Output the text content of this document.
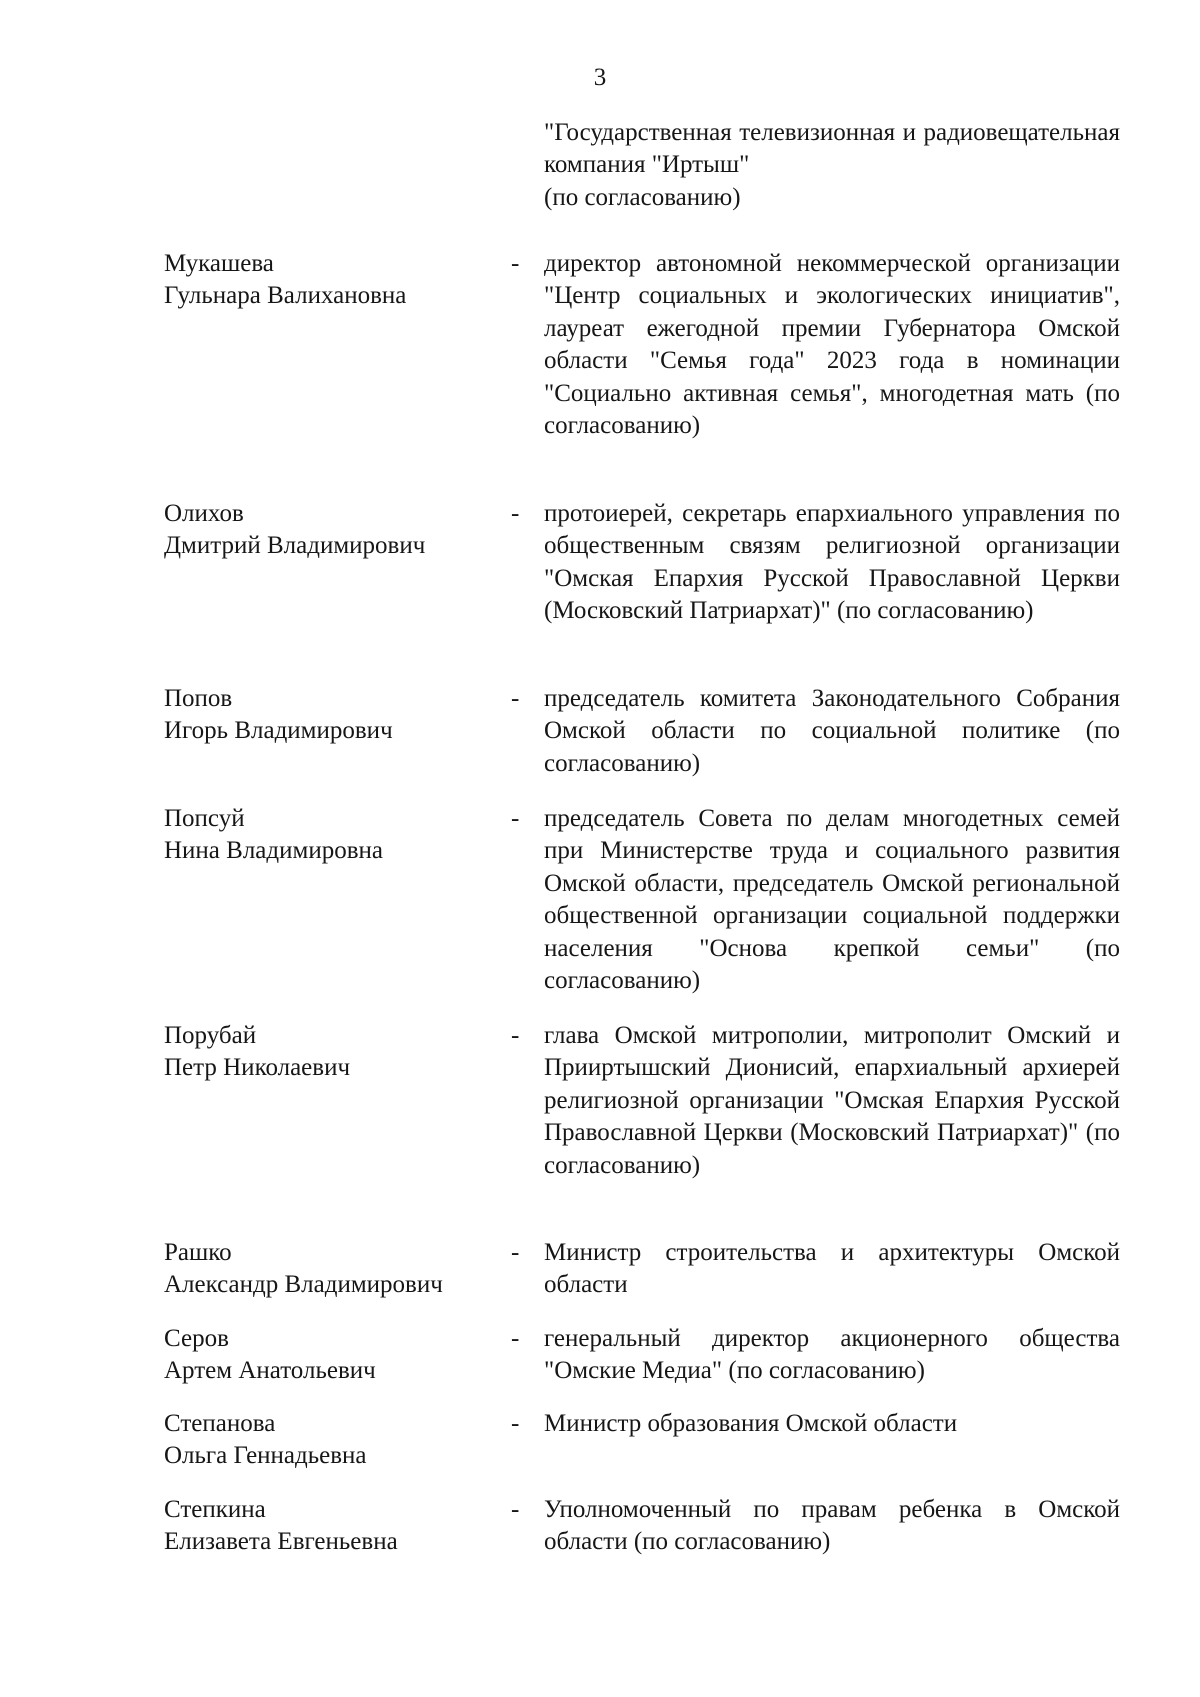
3
"Государственная телевизионная и радиовещательная компания "Иртыш"
(по согласованию)
Мукашева
Гульнара Валихановна
- директор автономной некоммерческой организации "Центр социальных и экологических инициатив", лауреат ежегодной премии Губернатора Омской области "Семья года" 2023 года в номинации "Социально активная семья", многодетная мать (по согласованию)
Олихов
Дмитрий Владимирович
- протоиерей, секретарь епархиального управления по общественным связям религиозной организации "Омская Епархия Русской Православной Церкви (Московский Патриархат)" (по согласованию)
Попов
Игорь Владимирович
- председатель комитета Законодательного Собрания Омской области по социальной политике (по согласованию)
Попсуй
Нина Владимировна
- председатель Совета по делам многодетных семей при Министерстве труда и социального развития Омской области, председатель Омской региональной общественной организации социальной поддержки населения "Основа крепкой семьи" (по согласованию)
Порубай
Петр Николаевич
- глава Омской митрополии, митрополит Омский и Прииртышский Дионисий, епархиальный архиерей религиозной организации "Омская Епархия Русской Православной Церкви (Московский Патриархат)" (по согласованию)
Рашко
Александр Владимирович
- Министр строительства и архитектуры Омской области
Серов
Артем Анатольевич
- генеральный директор акционерного общества "Омские Медиа" (по согласованию)
Степанова
Ольга Геннадьевна
- Министр образования Омской области
Степкина
Елизавета Евгеньевна
- Уполномоченный по правам ребенка в Омской области (по согласованию)
